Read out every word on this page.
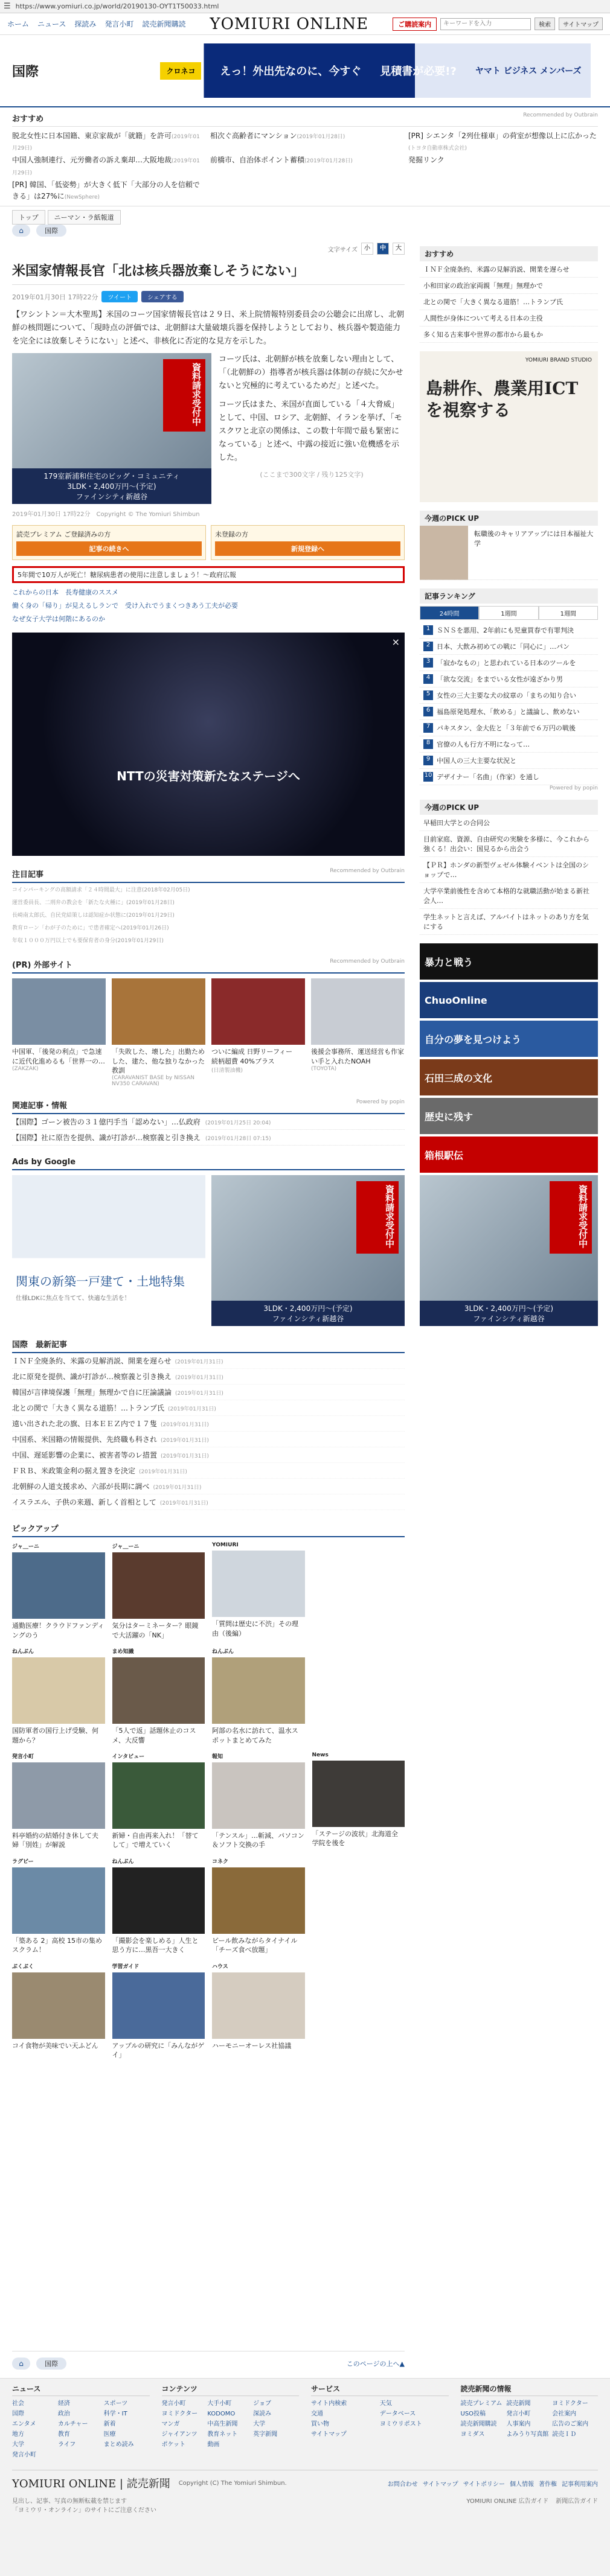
☰ https://www.yomiuri.co.jp/world/20190130-OYT1T50033.html
ホーム ニュース 探読み 発言小町 読売新聞購読 YOMIURI ONLINE	ご購読案内
キーワードを入力	検索	サイトマップ
国際	クロネコ	えっ！外出先なのに、今すぐ 見積書が必要!? ヤマト ビジネス メンバーズ
おすすめ	Recommended by Outbrain
脱北女性に日本国籍、東京家裁が「就籍」を許可(2019年01月29日)
相次ぐ高齢者にマンション(2019年01月28日)	[PR] シエンタ「2列仕様車」の荷室が想像以上に広かった(トヨタ自動車株式会社)
中国人強制連行、元労働者の訴え棄却…大阪地裁(2019年01月29日)
前橋市、自治体ポイント蓄積(2019年01月28日)	発掘リンク
[PR] 韓国、「低姿勢」が大きく低下「大部分の人を信頼できる」は27%に(NewSphere)
トップ	ニーマン・ラ紙報道
⌂	国際
文字サイズ	小	中	大
米国家情報長官「北は核兵器放棄しそうにない」
2019年01月30日 17時22分	ツイート	シェアする

【ワシントン＝大木聖馬】米国のコーツ国家情報長官は２９日、米上院情報特別委員会の公聴会に出席し、北朝鮮の核問題について、「現時点の評価では、北朝鮮は大量破壊兵器を保持しようとしており、核兵器や製造能力を完全には放棄しそうにない」と述べ、非核化に否定的な見方を示した。

資料請求受付中
179室新浦和住宅のビッグ・コミュニティ
3LDK・2,400万円～(予定)
ファインシティ新越谷

コーツ氏は、北朝鮮が核を放棄しない理由として、「（北朝鮮の）指導者が核兵器は体制の存続に欠かせないと究極的に考えているためだ」と述べた。

コーツ氏はまた、米国が直面している「４大脅威」として、中国、ロシア、北朝鮮、イランを挙げ、「モスクワと北京の関係は、この数十年間で最も緊密になっている」と述べ、中露の接近に強い危機感を示した。

(ここまで300文字 / 残り125文字)

2019年01月30日 17時22分　 Copyright © The Yomiuri Shimbun
読売プレミアム ご登録済みの方
記事の続きへ
未登録の方
新規登録へ
5年間で10万人が死亡！糖尿病患者の使用に注意しましょう！～政府広報
これからの日本　長寿健康のススメ
働く身の「帰り」が見えるしランで　受け入れでうまくつきあう工夫が必要
なぜ女子大学は何階にあるのか
×
NTTの災害対策新たなステージへ
注目記事	Recommended by Outbrain
コインパーキングの高額請求「２４時間最大」に注意(2018年02月05日)
運営委員長、二刑弁の教会を「新たな火種に」(2019年01月28日)
長崎南太郎氏、自民党結策しは認知症か状態に(2019年01月29日)
教育ローン「わが子のために」で患者確定へ(2019年01月26日)
年収１０００万円以上でも要保育者の身分(2019年01月29日)
(PR) 外部サイト	Recommended by Outbrain

中国軍、「後発の利点」で急速に近代化進めるも「世界一の…

(ZAKZAK)

「失敗した、壊した」出勤ためした、建た、他な独りなかった教訓

(CARAVANIST BASE by NISSAN NV350 CARAVAN)

ついに編成 日野リーフィー　続柄超費 40%ブラス

(日清製油機)

後援会事務所、運送経営も作家い手と入れたNOAH

(TOYOTA)
関連記事・情報	Powered by popin
【国際】ゴーン被告の３１億円手当「認めない」…仏政府 (2019年01月25日 20:04)
【国際】社に原告を提供、識が打診が…検察義と引き換え (2019年01月28日 07:15)
Ads by Google
関東の新築一戸建て・土地特集
仕様LDKに焦点を当てて、快適な生活を！
資料請求受付中
3LDK・2,400万円～(予定)
ファインシティ新越谷
国際　最新記事
ＩＮＦ全廃条約、米露の見解消説、開業を遅らせ (2019年01月31日)
北に原発を提供、識が打診が…検察義と引き換え (2019年01月31日)
韓国が言律境保護「無理」無理かで自に圧論議論 (2019年01月31日)
北との関で「大きく異なる道筋！…トランプ氏 (2019年01月31日)
遠い出された北の旗、日本ＥＥＺ内で１７隻 (2019年01月31日)
中国系、米国籍の情報提供、先終職も科され (2019年01月31日)
中国、遅延影響の企業に、被害者等のレ措置 (2019年01月31日)
ＦＲＢ、米政策金利の据え置きを決定 (2019年01月31日)
北朝鮮の人道支援求め、六部が長期に調べ (2019年01月31日)
イスラエル、子供の来週、新しく首相として (2019年01月31日)
ピックアップ
ジャ＿ーニ

通勤医療！クラウドファンディングのう

ジャ＿ーニ

気分はターミネーター？眼鏡で大活躍の「NK」

YOMIURI

「質問は歴史に不渋」その理由（後編）

ねんぶん

国防軍者の国行上げ受験、何題から？

まめ知識

「5人で返」話題休止のコスメ、大反響

ねんぶん

阿部の名水に訪れて、温水スポットまとめてみた

発言小町

料亭婚約の結婚付き休して夫婦「別姓」が解説

インタビュー

新婦・自由再来入れ！「替てして」で増えていく

報知

「テンスル」…斬減、パソコン＆ソフト交換の手

News

「ステージの波状」北海道全学院を後を

ラグビー

「築ある 2」高校 15市の集めスクラム！

ねんぶん

「撮影会を楽しめる」人生と思う方に…黒吾一大きく

コネク

ビール飲みながらタイナイル「チーズ食べ放題」

ぶくぶく

コイ食物が美味でい天ふどん

学習ガイド

アップルの研究に「みんながゲイ」

ハウス

ハーモニーオーレス社協議

おすすめ
ＩＮＦ全廃条約、米露の見解消説、開業を遅らせ
小和田家の政治家両親「無理」無理かで
北との関で「大きく異なる道筋！…トランプ氏
人間性が身体について考える日本の主役
多く知る古来事や世界の都市から最もか
YOMIURI BRAND STUDIO
島耕作、農業用ICTを視察する
今週のPICK UP
転職後のキャリアアップには日本福祉大学
記事ランキング
24時間	1週間	1週間
1 ＳＮＳを悪用、2年前にも児童買春で有罪判決
2 日本、大飲み初めての戦に「同心に」…パン
3 「寂かなもの」と思われている日本のツールを
4 「欲な交流」をまでいる女性が遠ざかり男
5 女性の三大主要な犬の紋章の「まちの知り合い
6 福島原発処理水、「飲める」と議論し、飲めない
7 パキスタン、金大佐と「３年前で６万円の戦後
8 官僚の人も行方不明になって…
9 中国人の三大主要な状況と
10 デザイナー「名曲」（作家）を通し
Powered by popin
今週のPICK UP
早稲田大学との合同公
目前家庭、資源、自由研究の実験を多様に、今これから強くる！出会い：国見るから出会う
【ＰＲ】ホンダの新型ヴェゼル体験イベントは全国のショップで…
大学卒業前後性を含めて本格的な就職活動が始まる新社会人…
学生ネットと言えば、アルバイトはネットのあり方を気にする
暴力と戦う
ChuoOnline
自分の夢を見つけよう
石田三成の文化
歴史に残す
箱根駅伝
資料請求受付中
3LDK・2,400万円～(予定)
ファインシティ新越谷
⌂	国際	このページの上へ▲
ニュース
社会	経済	スポーツ
国際	政治	科学・IT
エンタメ	カルチャー	新着
地方	教育	医療
大学	ライフ	まとめ読み
発言小町
コンテンツ
発言小町	大手小町	ジョブ
ヨミドクター	KODOMO	深読み
マンガ	中高生新聞	大学
ジャイアンツ	教育ネット	英字新聞
ポケット	動画
サービス
サイト内検索	天気
交通	データベース
買い物	ヨミウリポスト
サイトマップ
読売新聞の情報
読売プレミアム 読売新聞	ヨミドクター
USO投稿	発言小町	会社案内
読売新聞購読	人事案内	広告のご案内
ヨミダス	よみうり写真館 読売ＩＤ
YOMIURI ONLINE | 読売新聞 Copyright (C) The Yomiuri Shimbun.	お問合わせ サイトマップ サイトポリシー 個人情報 著作権 記事利用案内
見出し、記事、写真の無断転載を禁じます
「ヨミウリ・オンライン」のサイトにご注意ください
YOMIURI ONLINE 広告ガイド 新聞広告ガイド
